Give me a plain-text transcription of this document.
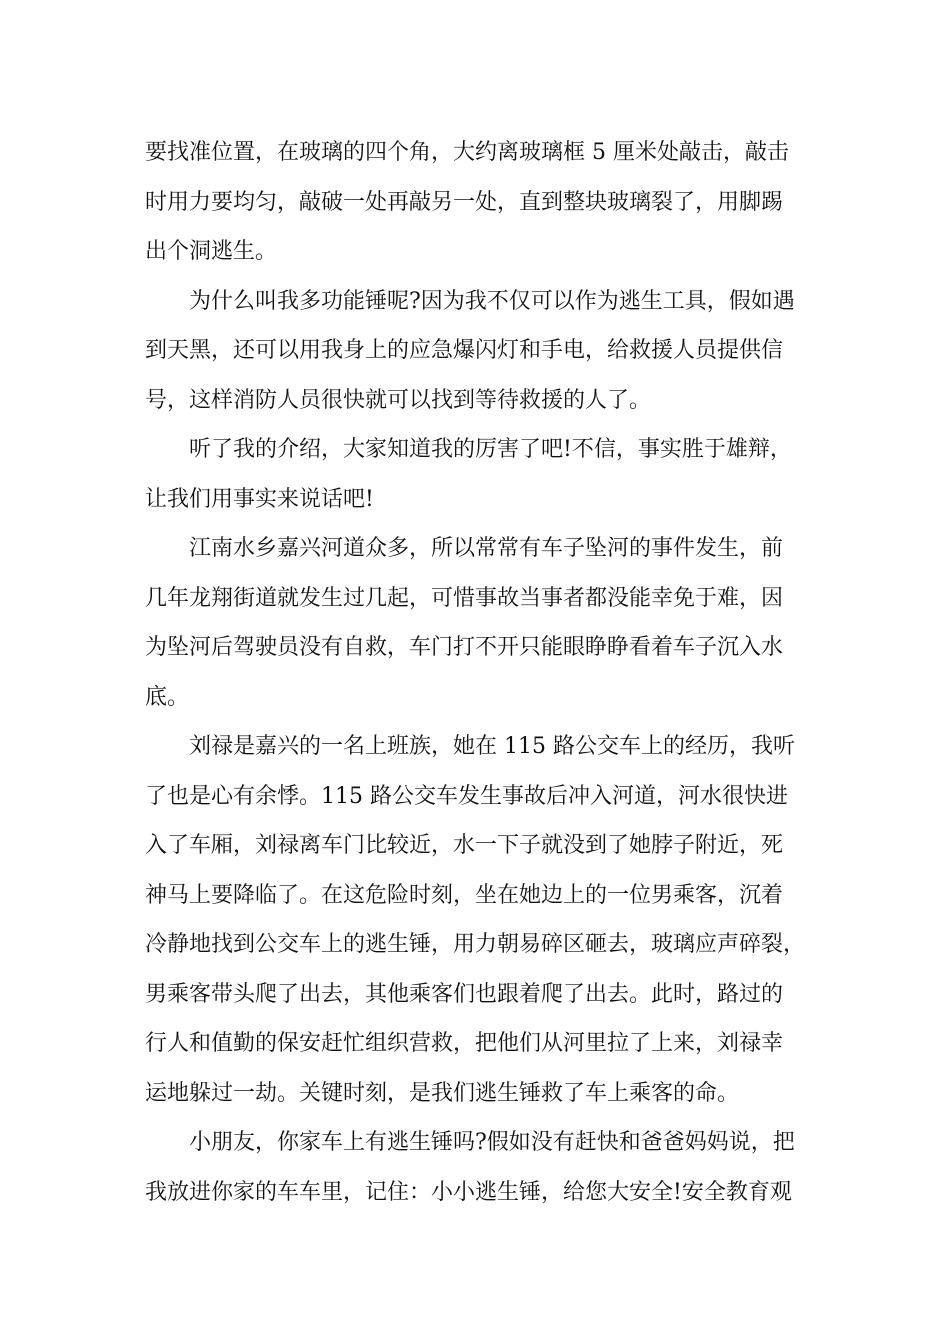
要找准位置，在玻璃的四个角，大约离玻璃框 5 厘米处敲击，敲击
时用力要均匀，敲破一处再敲另一处，直到整块玻璃裂了，用脚踢
出个洞逃生。

　　为什么叫我多功能锤呢?因为我不仅可以作为逃生工具，假如遇
到天黑，还可以用我身上的应急爆闪灯和手电，给救援人员提供信
号，这样消防人员很快就可以找到等待救援的人了。

　　听了我的介绍，大家知道我的厉害了吧!不信，事实胜于雄辩，
让我们用事实来说话吧!

　　江南水乡嘉兴河道众多，所以常常有车子坠河的事件发生，前
几年龙翔街道就发生过几起，可惜事故当事者都没能幸免于难，因
为坠河后驾驶员没有自救，车门打不开只能眼睁睁看着车子沉入水
底。

　　刘禄是嘉兴的一名上班族，她在 115 路公交车上的经历，我听
了也是心有余悸。115 路公交车发生事故后冲入河道，河水很快进
入了车厢，刘禄离车门比较近，水一下子就没到了她脖子附近，死
神马上要降临了。在这危险时刻，坐在她边上的一位男乘客，沉着
冷静地找到公交车上的逃生锤，用力朝易碎区砸去，玻璃应声碎裂，
男乘客带头爬了出去，其他乘客们也跟着爬了出去。此时，路过的
行人和值勤的保安赶忙组织营救，把他们从河里拉了上来，刘禄幸
运地躲过一劫。关键时刻，是我们逃生锤救了车上乘客的命。

　　小朋友，你家车上有逃生锤吗?假如没有赶快和爸爸妈妈说，把
我放进你家的车车里，记住：小小逃生锤，给您大安全!安全教育观
